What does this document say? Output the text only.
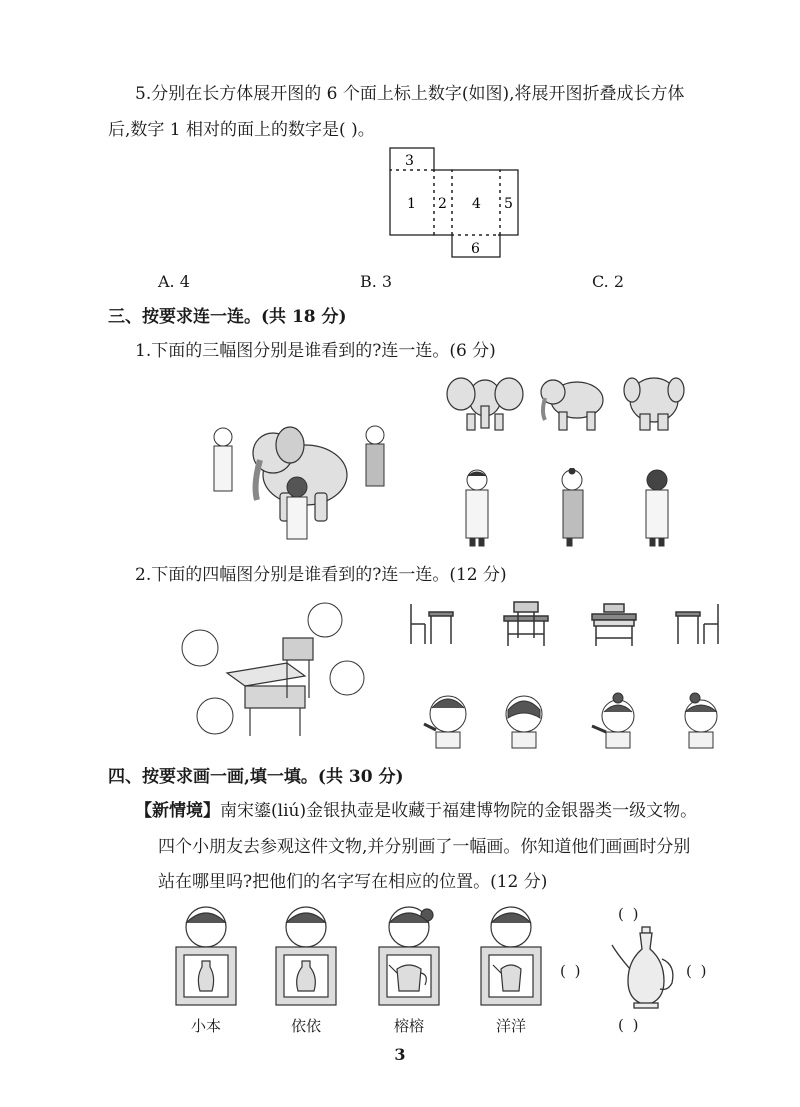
5.分别在长方体展开图的 6 个面上标上数字(如图),将展开图折叠成长方体
后,数字 1 相对的面上的数字是( )。
3
1 2 4 5
6
A. 4	B. 3	C. 2
三、按要求连一连。(共 18 分)
1.下面的三幅图分别是谁看到的?连一连。(6 分)
2.下面的四幅图分别是谁看到的?连一连。(12 分)
四、按要求画一画,填一填。(共 30 分)
【新情境】南宋鎏(liú)金银执壶是收藏于福建博物院的金银器类一级文物。
四个小朋友去参观这件文物,并分别画了一幅画。你知道他们画画时分别
站在哪里吗?把他们的名字写在相应的位置。(12 分)
小本	依依	榕榕	洋洋
( )
( )	( )
( )
3
